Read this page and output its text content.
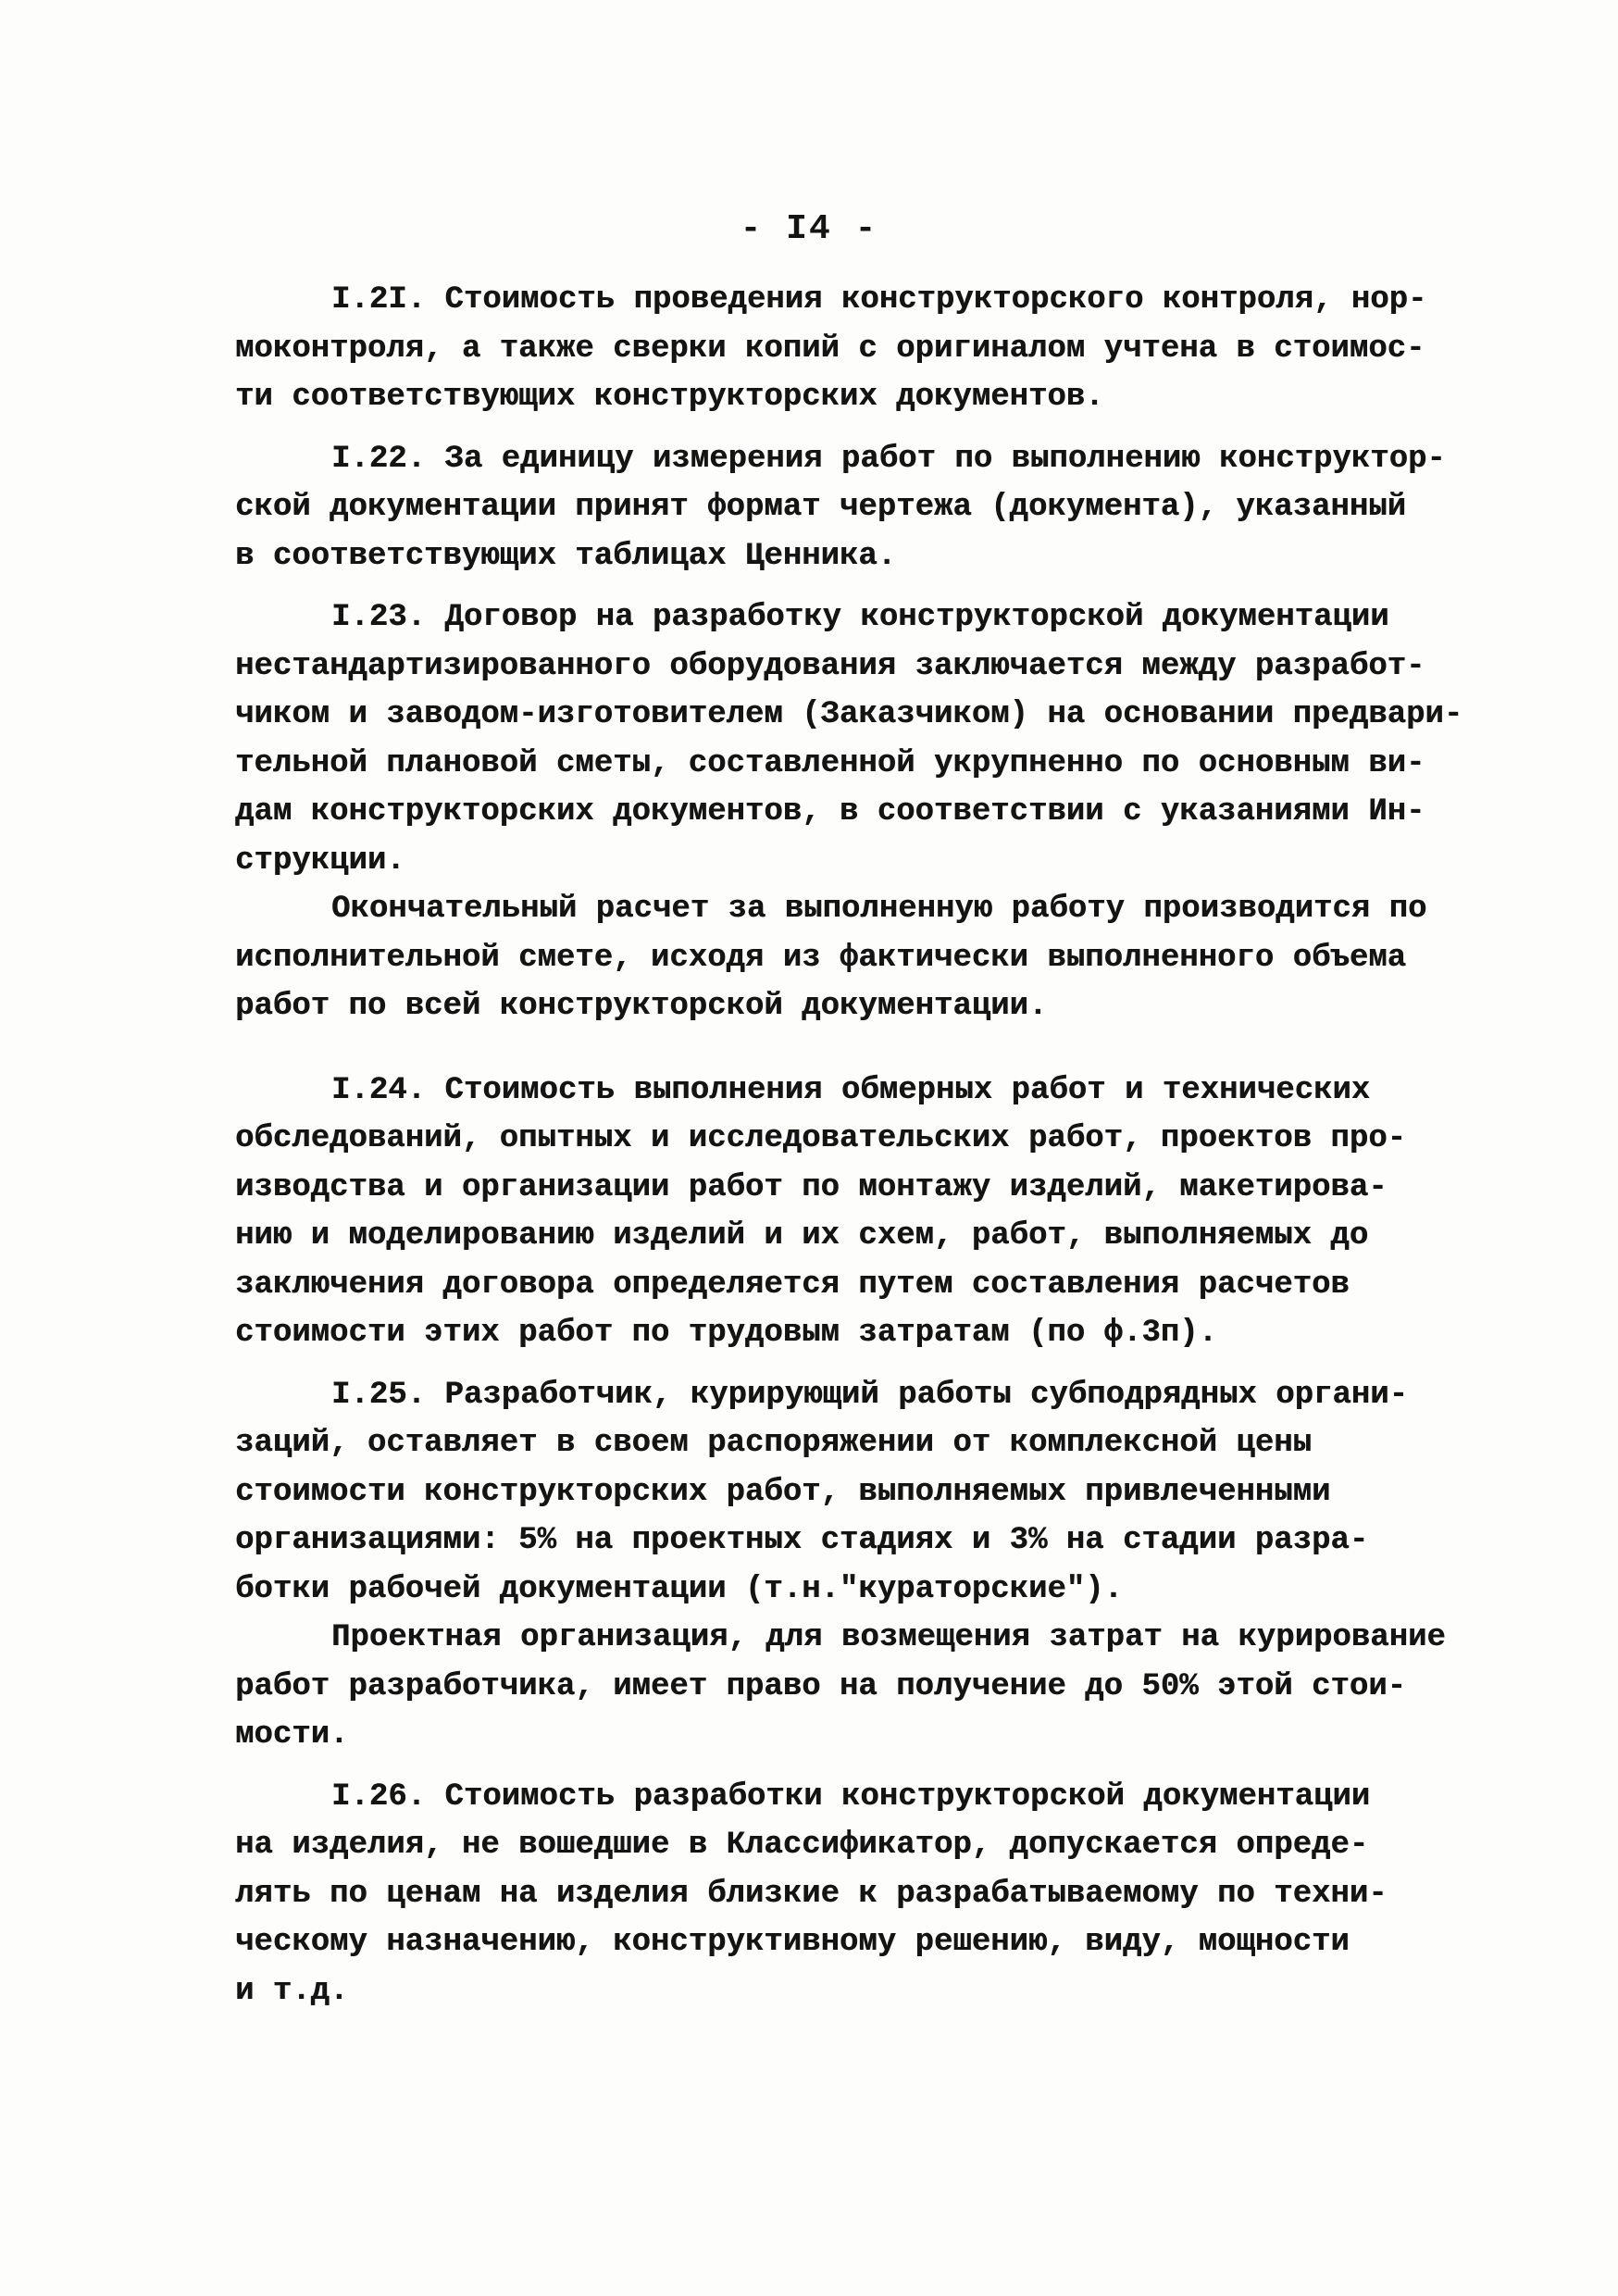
- I4 -

I.2I. Стоимость проведения конструкторского контроля, нор-
моконтроля, а также сверки копий с оригиналом учтена в стоимос-
ти соответствующих конструкторских документов.

I.22. За единицу измерения работ по выполнению конструктор-
ской документации принят формат чертежа (документа), указанный
в соответствующих таблицах Ценника.

I.23. Договор на разработку конструкторской документации
нестандартизированного оборудования заключается между разработ-
чиком и заводом-изготовителем (Заказчиком) на основании предвари-
тельной плановой сметы, составленной укрупненно по основным ви-
дам конструкторских документов, в соответствии с указаниями Ин-
струкции.

Окончательный расчет за выполненную работу производится по
исполнительной смете, исходя из фактически выполненного объема
работ по всей конструкторской документации.

I.24. Стоимость выполнения обмерных работ и технических
обследований, опытных и исследовательских работ, проектов про-
изводства и организации работ по монтажу изделий, макетирова-
нию и моделированию изделий и их схем, работ, выполняемых до
заключения договора определяется путем составления расчетов
стоимости этих работ по трудовым затратам (по ф.3п).

I.25. Разработчик, курирующий работы субподрядных органи-
заций, оставляет в своем распоряжении от комплексной цены
стоимости конструкторских работ, выполняемых привлеченными
организациями: 5% на проектных стадиях и 3% на стадии разра-
ботки рабочей документации (т.н."кураторские").

Проектная организация, для возмещения затрат на курирование
работ разработчика, имеет право на получение до 50% этой стои-
мости.

I.26. Стоимость разработки конструкторской документации
на изделия, не вошедшие в Классификатор, допускается опреде-
лять по ценам на изделия близкие к разрабатываемому по техни-
ческому назначению, конструктивному решению, виду, мощности
и т.д.
